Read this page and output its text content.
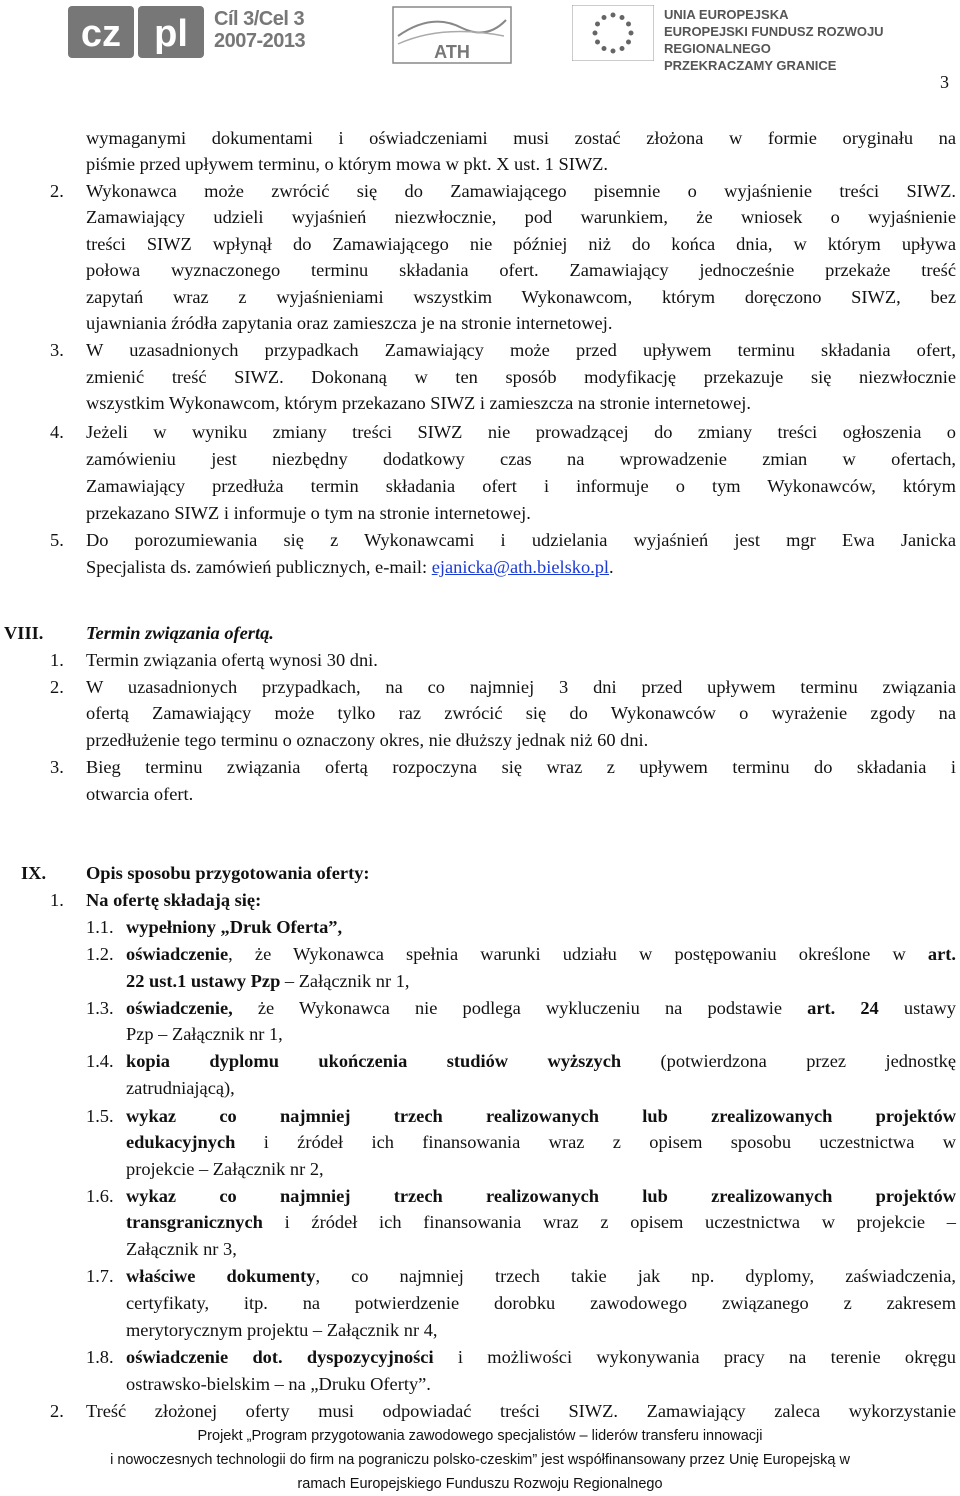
cz pl Cíl 3/Cel 3
2007-2013	ATH
UNIA EUROPEJSKA
EUROPEJSKI FUNDUSZ ROZWOJU REGIONALNEGO
PRZEKRACZAMY GRANICE
3
wymaganymi dokumentami i oświadczeniami musi zostać złożona w formie oryginału na
piśmie przed upływem terminu, o którym mowa w pkt. X ust. 1 SIWZ.
2. Wykonawca może zwrócić się do Zamawiającego pisemnie o wyjaśnienie treści SIWZ.
Zamawiający udzieli wyjaśnień niezwłocznie, pod warunkiem, że wniosek o wyjaśnienie
treści SIWZ wpłynął do Zamawiającego nie później niż do końca dnia, w którym upływa
połowa wyznaczonego terminu składania ofert. Zamawiający jednocześnie przekaże treść
zapytań wraz z wyjaśnieniami wszystkim Wykonawcom, którym doręczono SIWZ, bez
ujawniania źródła zapytania oraz zamieszcza je na stronie internetowej.
3. W uzasadnionych przypadkach Zamawiający może przed upływem terminu składania ofert,
zmienić treść SIWZ. Dokonaną w ten sposób modyfikację przekazuje się niezwłocznie
wszystkim Wykonawcom, którym przekazano SIWZ i zamieszcza na stronie internetowej.
4. Jeżeli w wyniku zmiany treści SIWZ nie prowadzącej do zmiany treści ogłoszenia o
zamówieniu jest niezbędny dodatkowy czas na wprowadzenie zmian w ofertach,
Zamawiający przedłuża termin składania ofert i informuje o tym Wykonawców, którym
przekazano SIWZ i informuje o tym na stronie internetowej.
5. Do porozumiewania się z Wykonawcami i udzielania wyjaśnień jest mgr Ewa Janicka
Specjalista ds. zamówień publicznych, e-mail: ejanicka@ath.bielsko.pl.
VIII. Termin związania ofertą.
1. Termin związania ofertą wynosi 30 dni.
2. W uzasadnionych przypadkach, na co najmniej 3 dni przed upływem terminu związania
ofertą Zamawiający może tylko raz zwrócić się do Wykonawców o wyrażenie zgody na
przedłużenie tego terminu o oznaczony okres, nie dłuższy jednak niż 60 dni.
3. Bieg terminu związania ofertą rozpoczyna się wraz z upływem terminu do składania i
otwarcia ofert.
IX. Opis sposobu przygotowania oferty:
1. Na ofertę składają się:
1.1. wypełniony „Druk Oferta”,
1.2. oświadczenie, że Wykonawca spełnia warunki udziału w postępowaniu określone w art.
22 ust.1 ustawy Pzp – Załącznik nr 1,
1.3. oświadczenie, że Wykonawca nie podlega wykluczeniu na podstawie art. 24 ustawy
Pzp – Załącznik nr 1,
1.4. kopia dyplomu ukończenia studiów wyższych (potwierdzona przez jednostkę
zatrudniającą),
1.5. wykaz co najmniej trzech realizowanych lub zrealizowanych projektów
edukacyjnych i źródeł ich finansowania wraz z opisem sposobu uczestnictwa w
projekcie – Załącznik nr 2,
1.6. wykaz co najmniej trzech realizowanych lub zrealizowanych projektów
transgranicznych i źródeł ich finansowania wraz z opisem uczestnictwa w projekcie –
Załącznik nr 3,
1.7. właściwe dokumenty, co najmniej trzech takie jak np. dyplomy, zaświadczenia,
certyfikaty, itp. na potwierdzenie dorobku zawodowego związanego z zakresem
merytorycznym projektu – Załącznik nr 4,
1.8. oświadczenie dot. dyspozycyjności i możliwości wykonywania pracy na terenie okręgu
ostrawsko-bielskim – na „Druku Oferty”.
2. Treść złożonej oferty musi odpowiadać treści SIWZ. Zamawiający zaleca wykorzystanie
Projekt „Program przygotowania zawodowego specjalistów – liderów transferu innowacji
i nowoczesnych technologii do firm na pograniczu polsko-czeskim” jest współfinansowany przez Unię Europejską w
ramach Europejskiego Funduszu Rozwoju Regionalnego
